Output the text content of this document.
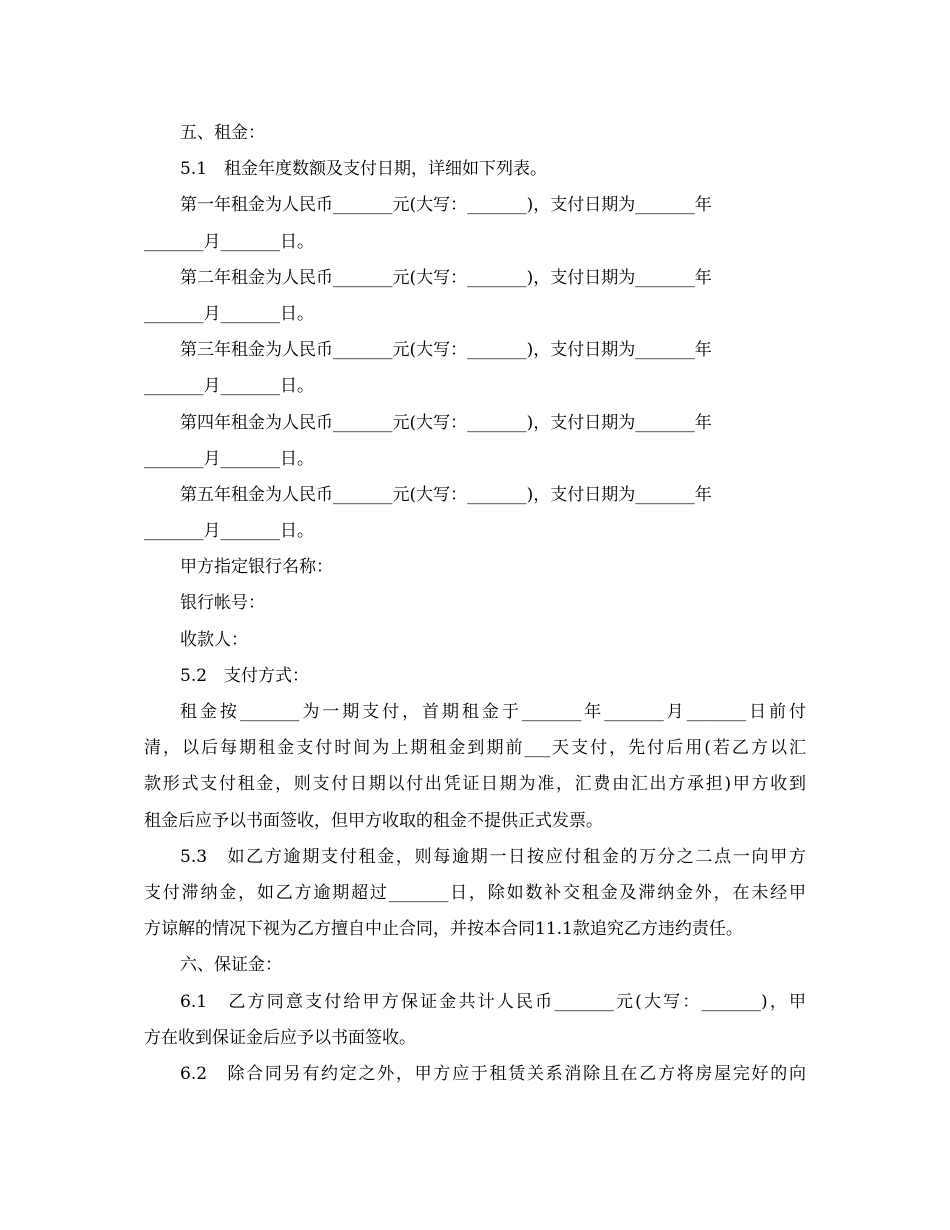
五、租金：
5.1　租金年度数额及支付日期，详细如下列表。
第一年租金为人民币_______元(大写：_______)，支付日期为_______年
_______月_______日。
第二年租金为人民币_______元(大写：_______)，支付日期为_______年
_______月_______日。
第三年租金为人民币_______元(大写：_______)，支付日期为_______年
_______月_______日。
第四年租金为人民币_______元(大写：_______)，支付日期为_______年
_______月_______日。
第五年租金为人民币_______元(大写：_______)，支付日期为_______年
_______月_______日。
甲方指定银行名称：
银行帐号：
收款人：
5.2　支付方式：
租金按_______为一期支付，首期租金于_______年_______月_______日前付
清，以后每期租金支付时间为上期租金到期前___天支付，先付后用(若乙方以汇
款形式支付租金，则支付日期以付出凭证日期为准，汇费由汇出方承担)甲方收到
租金后应予以书面签收，但甲方收取的租金不提供正式发票。
5.3　如乙方逾期支付租金，则每逾期一日按应付租金的万分之二点一向甲方
支付滞纳金，如乙方逾期超过_______日，除如数补交租金及滞纳金外，在未经甲
方谅解的情况下视为乙方擅自中止合同，并按本合同11.1款追究乙方违约责任。
六、保证金：
6.1　乙方同意支付给甲方保证金共计人民币_______元(大写：_______)，甲
方在收到保证金后应予以书面签收。
6.2　除合同另有约定之外，甲方应于租赁关系消除且在乙方将房屋完好的向
